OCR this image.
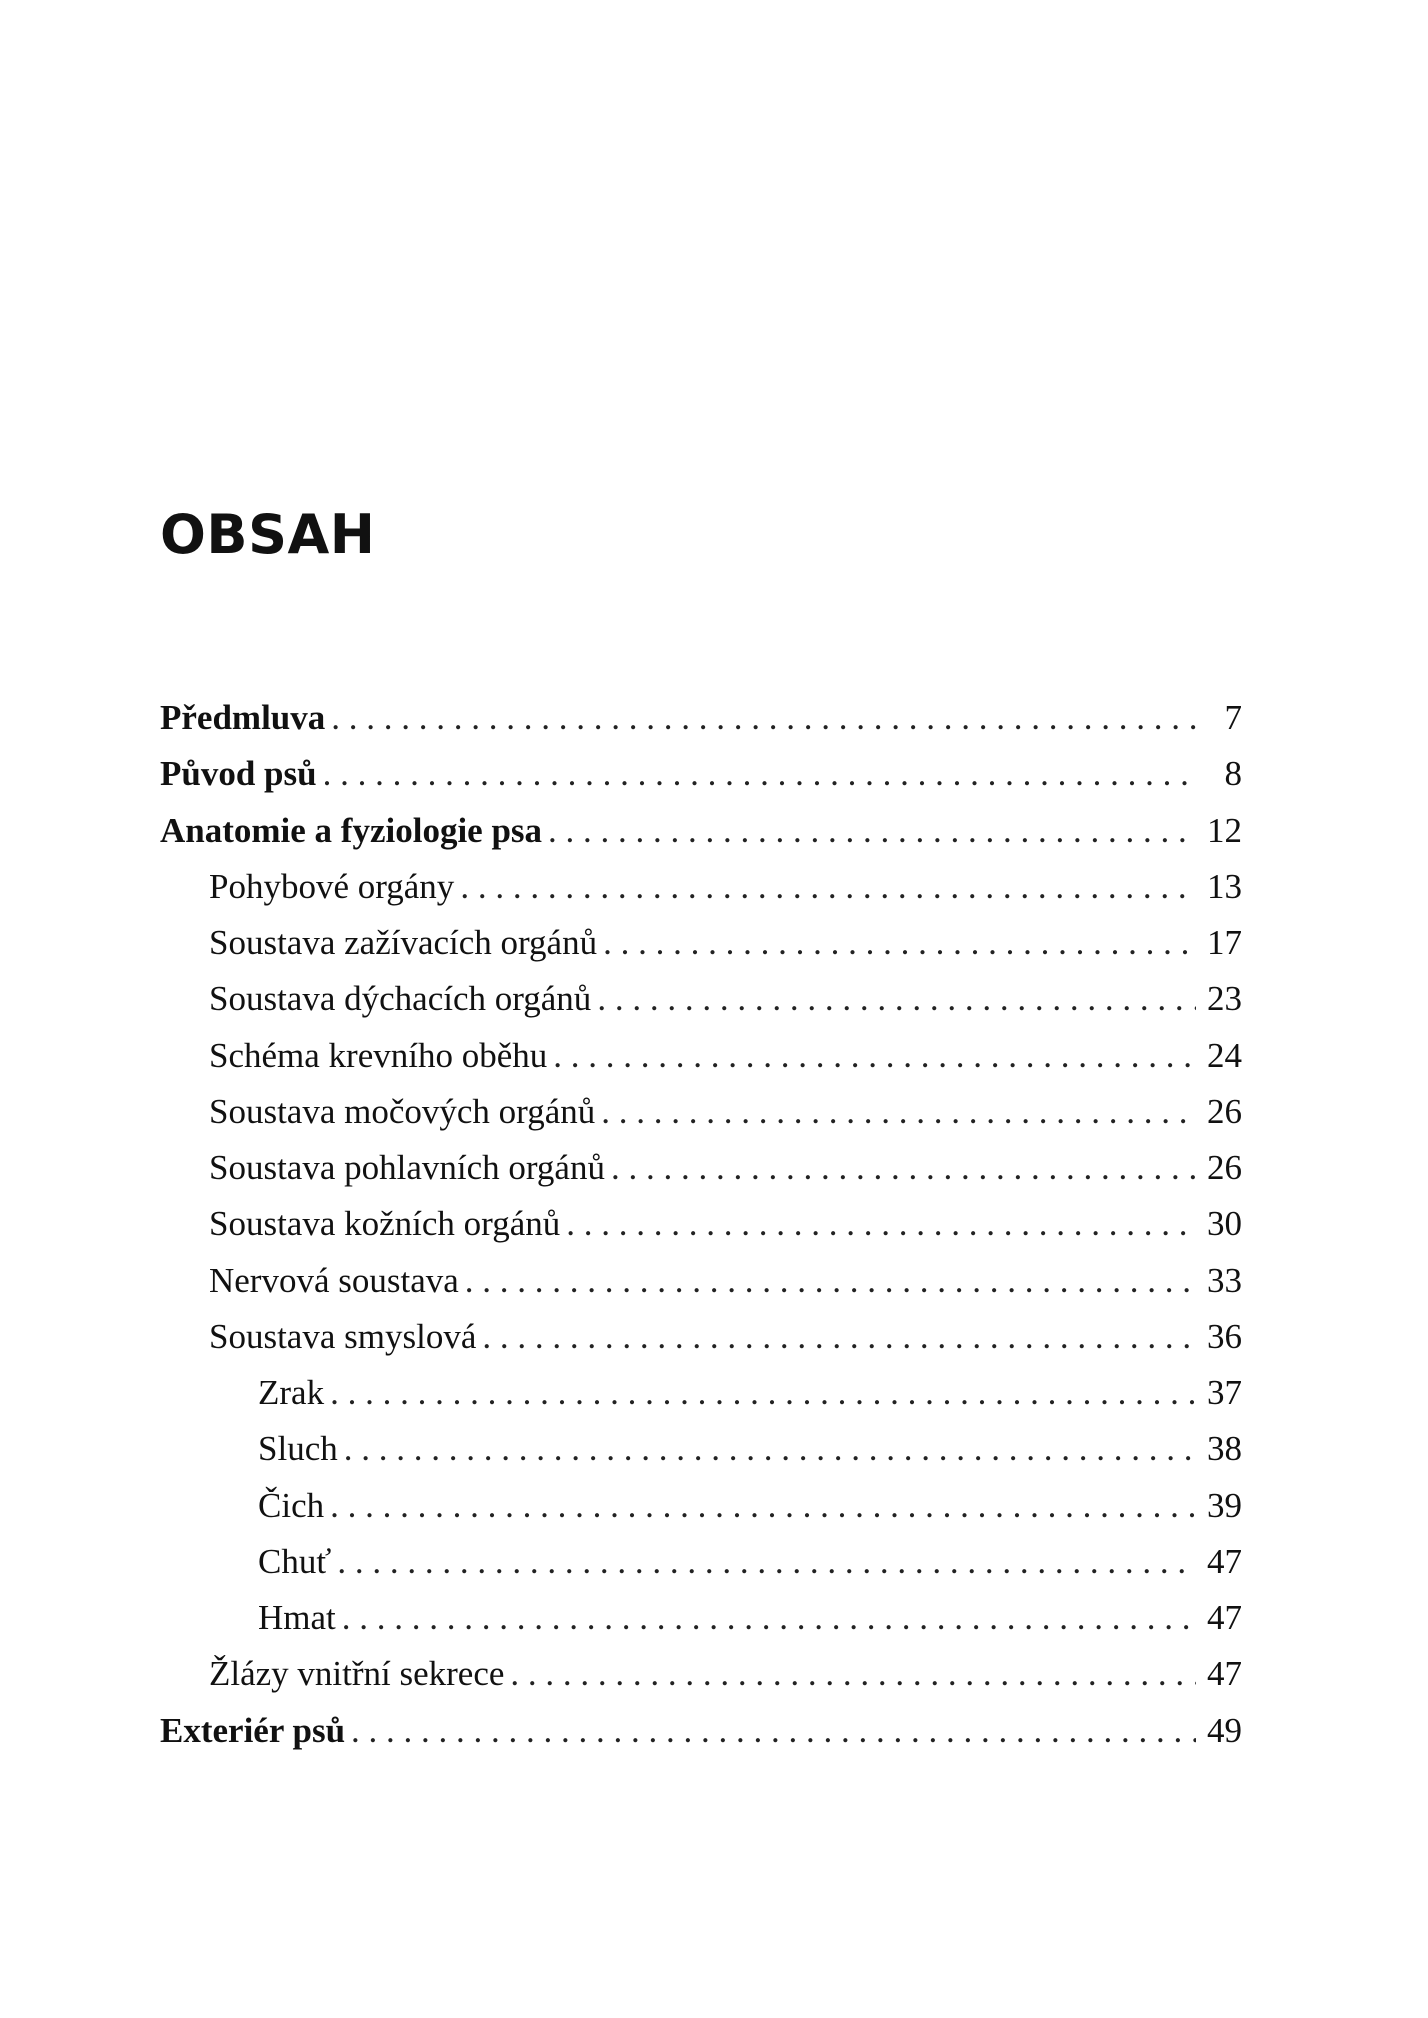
OBSAH
Předmluva . . .	7
Původ psů . . .	8
Anatomie a fyziologie psa . . .	12
Pohybové orgány . . .	13
Soustava zažívacích orgánů . . .	17
Soustava dýchacích orgánů . . .	23
Schéma krevního oběhu . . .	24
Soustava močových orgánů . . .	26
Soustava pohlavních orgánů . . .	26
Soustava kožních orgánů . . .	30
Nervová soustava . . .	33
Soustava smyslová . . .	36
Zrak . . .	37
Sluch . . .	38
Čich . . .	39
Chuť . . .	47
Hmat . . .	47
Žlázy vnitřní sekrece . . .	47
Exteriér psů . . .	49
